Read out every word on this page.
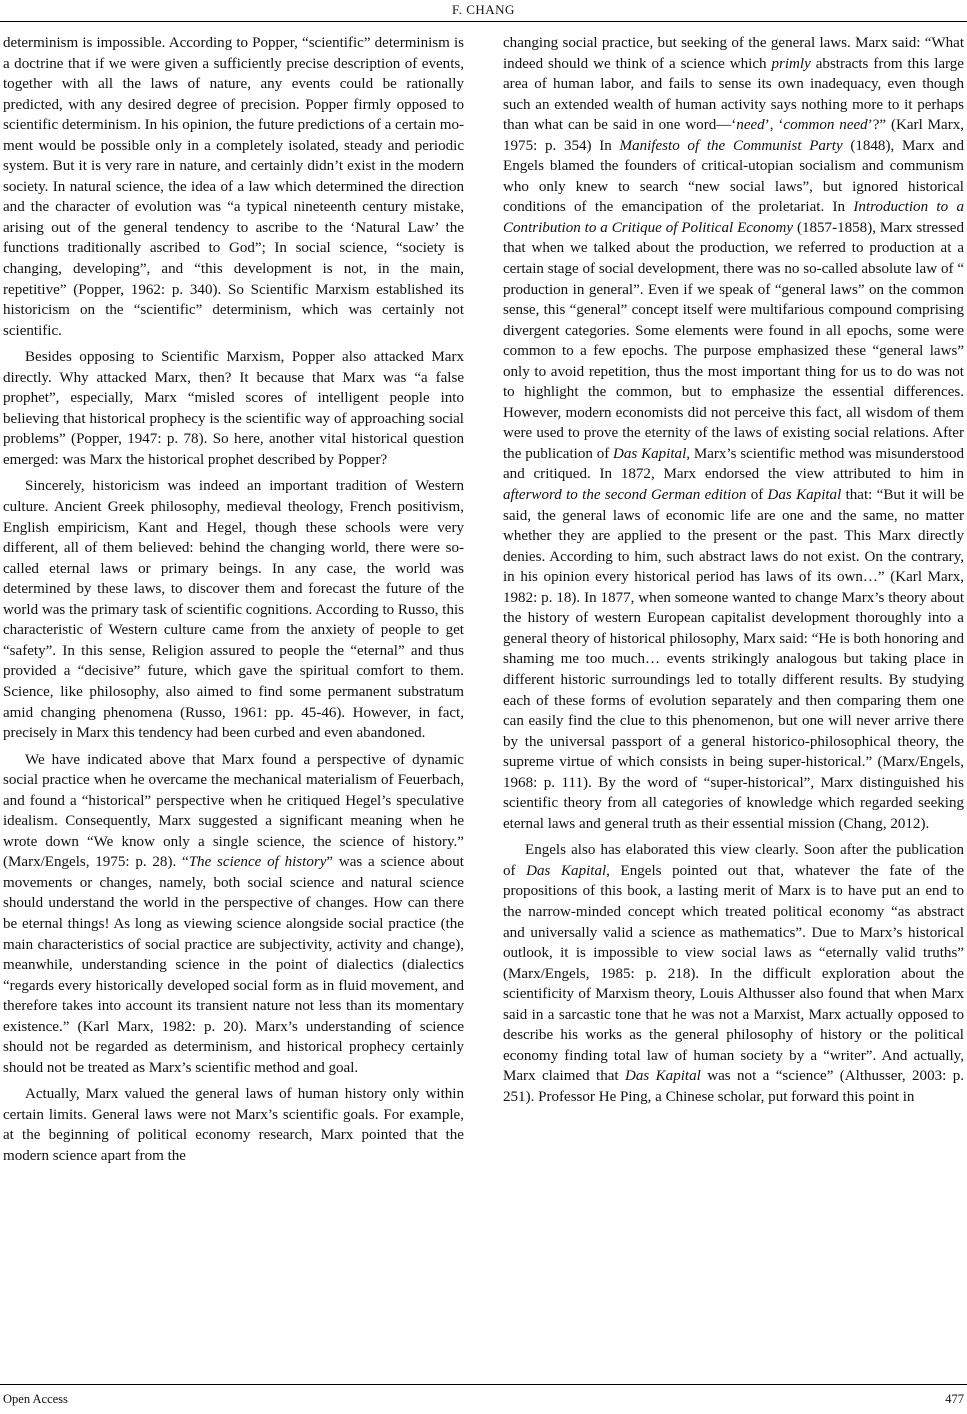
F. CHANG

determinism is impossible. According to Popper, “scientific” determinism is a doctrine that if we were given a sufficiently precise description of events, together with all the laws of nature, any events could be rationally predicted, with any desired degree of precision. Popper firmly opposed to scientific determinism. In his opinion, the future predictions of a certain moment would be possible only in a completely isolated, steady and periodic system. But it is very rare in nature, and certainly didn’t exist in the modern society. In natural science, the idea of a law which determined the direction and the character of evolution was “a typical nineteenth century mistake, arising out of the general tendency to ascribe to the ‘Natural Law’ the functions traditionally ascribed to God”; In social science, “society is changing, developing”, and “this development is not, in the main, repetitive” (Popper, 1962: p. 340). So Scientific Marxism established its historicism on the “scientific” determinism, which was certainly not scientific.

Besides opposing to Scientific Marxism, Popper also attacked Marx directly. Why attacked Marx, then? It because that Marx was “a false prophet”, especially, Marx “misled scores of intelligent people into believing that historical prophecy is the scientific way of approaching social problems” (Popper, 1947: p. 78). So here, another vital historical question emerged: was Marx the historical prophet described by Popper?

Sincerely, historicism was indeed an important tradition of Western culture. Ancient Greek philosophy, medieval theology, French positivism, English empiricism, Kant and Hegel, though these schools were very different, all of them believed: behind the changing world, there were so-called eternal laws or primary beings. In any case, the world was determined by these laws, to discover them and forecast the future of the world was the primary task of scientific cognitions. According to Russo, this characteristic of Western culture came from the anxiety of people to get “safety”. In this sense, Religion assured to people the “eternal” and thus provided a “decisive” future, which gave the spiritual comfort to them. Science, like philosophy, also aimed to find some permanent substratum amid changing phenomena (Russo, 1961: pp. 45-46). However, in fact, precisely in Marx this tendency had been curbed and even abandoned.

We have indicated above that Marx found a perspective of dynamic social practice when he overcame the mechanical materialism of Feuerbach, and found a “historical” perspective when he critiqued Hegel’s speculative idealism. Consequently, Marx suggested a significant meaning when he wrote down “We know only a single science, the science of history.” (Marx/Engels, 1975: p. 28). “The science of history” was a science about movements or changes, namely, both social science and natural science should understand the world in the perspective of changes. How can there be eternal things! As long as viewing science alongside social practice (the main characteristics of social practice are subjectivity, activity and change), meanwhile, understanding science in the point of dialectics (dialectics “regards every historically developed social form as in fluid movement, and therefore takes into account its transient nature not less than its momentary existence.” (Karl Marx, 1982: p. 20). Marx’s understanding of science should not be regarded as determinism, and historical prophecy certainly should not be treated as Marx’s scientific method and goal.

Actually, Marx valued the general laws of human history only within certain limits. General laws were not Marx’s scientific goals. For example, at the beginning of political economy research, Marx pointed that the modern science apart from the

changing social practice, but seeking of the general laws. Marx said: “What indeed should we think of a science which primly abstracts from this large area of human labor, and fails to sense its own inadequacy, even though such an extended wealth of human activity says nothing more to it perhaps than what can be said in one word—‘need’, ‘common need’?” (Karl Marx, 1975: p. 354) In Manifesto of the Communist Party (1848), Marx and Engels blamed the founders of critical-utopian socialism and communism who only knew to search “new social laws”, but ignored historical conditions of the emancipation of the proletariat. In Introduction to a Contribution to a Critique of Political Economy (1857-1858), Marx stressed that when we talked about the production, we referred to production at a certain stage of social development, there was no so-called absolute law of “ production in general”. Even if we speak of “general laws” on the common sense, this “general” concept itself were multifarious compound comprising divergent categories. Some elements were found in all epochs, some were common to a few epochs. The purpose emphasized these “general laws” only to avoid repetition, thus the most important thing for us to do was not to highlight the common, but to emphasize the essential differences. However, modern economists did not perceive this fact, all wisdom of them were used to prove the eternity of the laws of existing social relations. After the publication of Das Kapital, Marx’s scientific method was misunderstood and critiqued. In 1872, Marx endorsed the view attributed to him in afterword to the second German edition of Das Kapital that: “But it will be said, the general laws of economic life are one and the same, no matter whether they are applied to the present or the past. This Marx directly denies. According to him, such abstract laws do not exist. On the contrary, in his opinion every historical period has laws of its own…” (Karl Marx, 1982: p. 18). In 1877, when someone wanted to change Marx’s theory about the history of western European capitalist development thoroughly into a general theory of historical philosophy, Marx said: “He is both honoring and shaming me too much… events strikingly analogous but taking place in different historic surroundings led to totally different results. By studying each of these forms of evolution separately and then comparing them one can easily find the clue to this phenomenon, but one will never arrive there by the universal passport of a general historico-philosophical theory, the supreme virtue of which consists in being super-historical.” (Marx/Engels, 1968: p. 111). By the word of “super-historical”, Marx distinguished his scientific theory from all categories of knowledge which regarded seeking eternal laws and general truth as their essential mission (Chang, 2012).

Engels also has elaborated this view clearly. Soon after the publication of Das Kapital, Engels pointed out that, whatever the fate of the propositions of this book, a lasting merit of Marx is to have put an end to the narrow-minded concept which treated political economy “as abstract and universally valid a science as mathematics”. Due to Marx’s historical outlook, it is impossible to view social laws as “eternally valid truths” (Marx/Engels, 1985: p. 218). In the difficult exploration about the scientificity of Marxism theory, Louis Althusser also found that when Marx said in a sarcastic tone that he was not a Marxist, Marx actually opposed to describe his works as the general philosophy of history or the political economy finding total law of human society by a “writer”. And actually, Marx claimed that Das Kapital was not a “science” (Althusser, 2003: p. 251). Professor He Ping, a Chinese scholar, put forward this point in

Open Access	477
